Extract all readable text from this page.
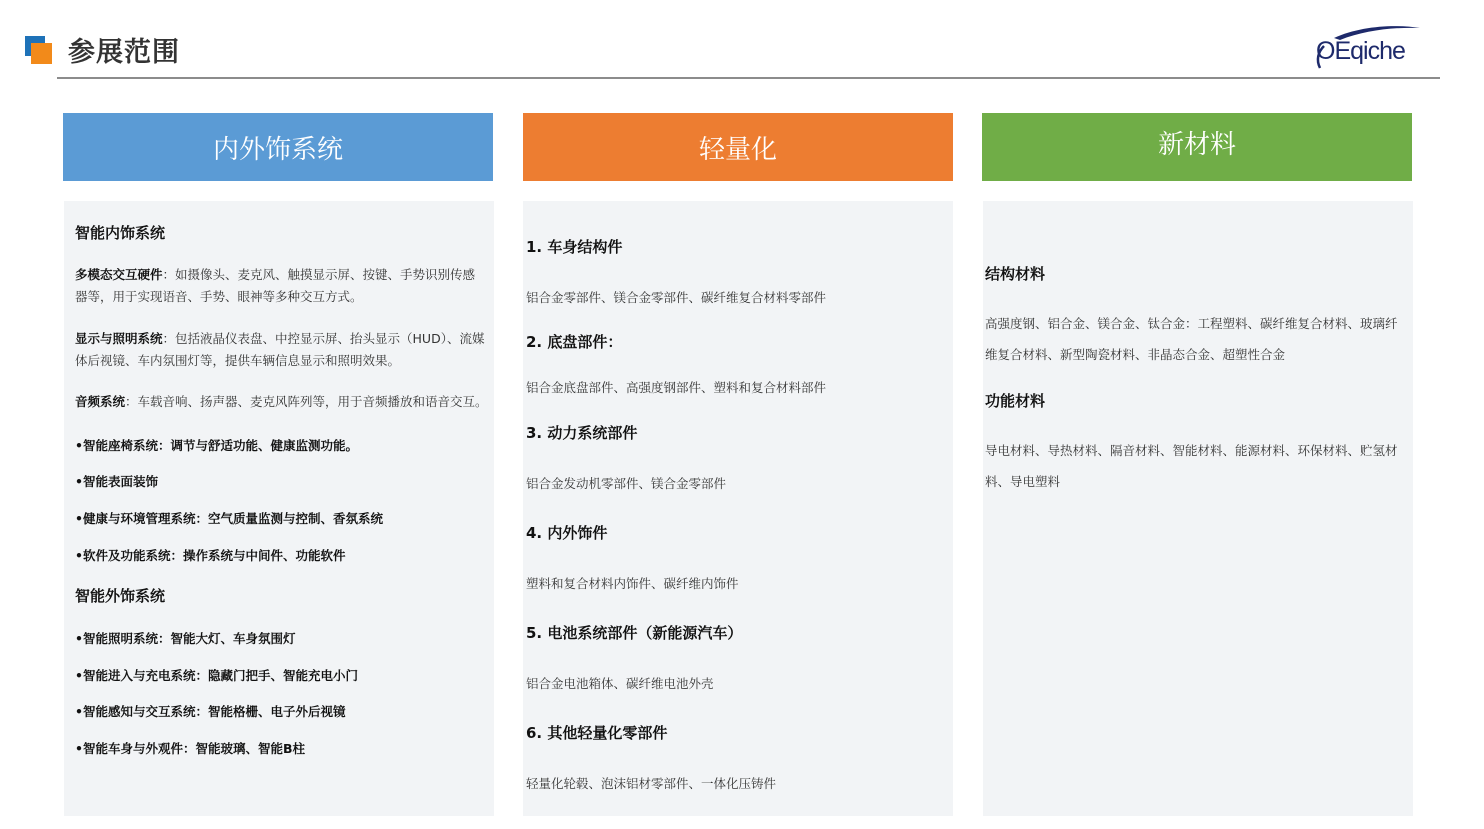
参展范围	OEqiche
内外饰系统	轻量化	新材料
智能内饰系统
多模态交互硬件：如摄像头、麦克风、触摸显示屏、按键、手势识别传感器等，用于实现语音、手势、眼神等多种交互方式。
显示与照明系统：包括液晶仪表盘、中控显示屏、抬头显示（HUD）、流媒体后视镜、车内氛围灯等，提供车辆信息显示和照明效果。
音频系统：车载音响、扬声器、麦克风阵列等，用于音频播放和语音交互。
•智能座椅系统：调节与舒适功能、健康监测功能。
•智能表面装饰
•健康与环境管理系统：空气质量监测与控制、香氛系统
•软件及功能系统：操作系统与中间件、功能软件
智能外饰系统
•智能照明系统：智能大灯、车身氛围灯
•智能进入与充电系统：隐藏门把手、智能充电小门
•智能感知与交互系统：智能格栅、电子外后视镜
•智能车身与外观件：智能玻璃、智能B柱
1. 车身结构件
铝合金零部件、镁合金零部件、碳纤维复合材料零部件
2. 底盘部件：
铝合金底盘部件、高强度钢部件、塑料和复合材料部件
3. 动力系统部件
铝合金发动机零部件、镁合金零部件
4. 内外饰件
塑料和复合材料内饰件、碳纤维内饰件
5. 电池系统部件（新能源汽车）
铝合金电池箱体、碳纤维电池外壳
6. 其他轻量化零部件
轻量化轮毂、泡沫铝材零部件、一体化压铸件
结构材料
高强度钢、铝合金、镁合金、钛合金：工程塑料、碳纤维复合材料、玻璃纤维复合材料、新型陶瓷材料、非晶态合金、超塑性合金
功能材料
导电材料、导热材料、隔音材料、智能材料、能源材料、环保材料、贮氢材料、导电塑料
